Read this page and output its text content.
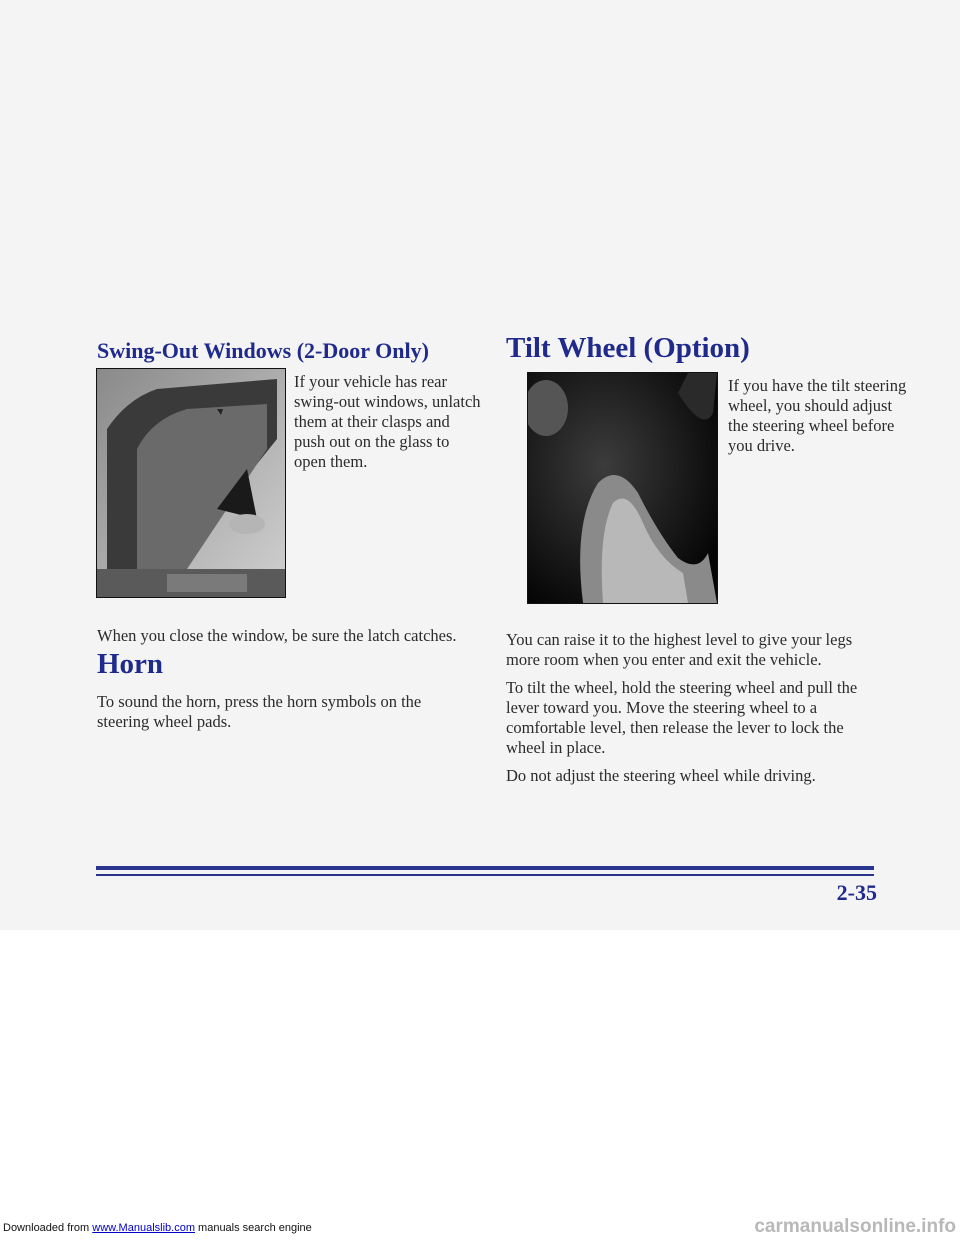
Swing-Out Windows (2-Door Only)

If your vehicle has rear

swing-out windows, unlatch

them at their clasps and

push out on the glass to

open them.

When you close the window, be sure the latch catches.

Horn

To sound the horn, press the horn symbols on the

steering wheel pads.

Tilt Wheel (Option)

If you have the tilt steering

wheel, you should adjust

the steering wheel before

you drive.

You can raise it to the highest level to give your legs

more room when you enter and exit the vehicle.

To tilt the wheel, hold the steering wheel and pull the

lever toward you. Move the steering wheel to a

comfortable level, then release the lever to lock the

wheel in place.

Do not adjust the steering wheel while driving.

2-35
Downloaded from www.Manualslib.com manuals search engine	carmanualsonline.info
